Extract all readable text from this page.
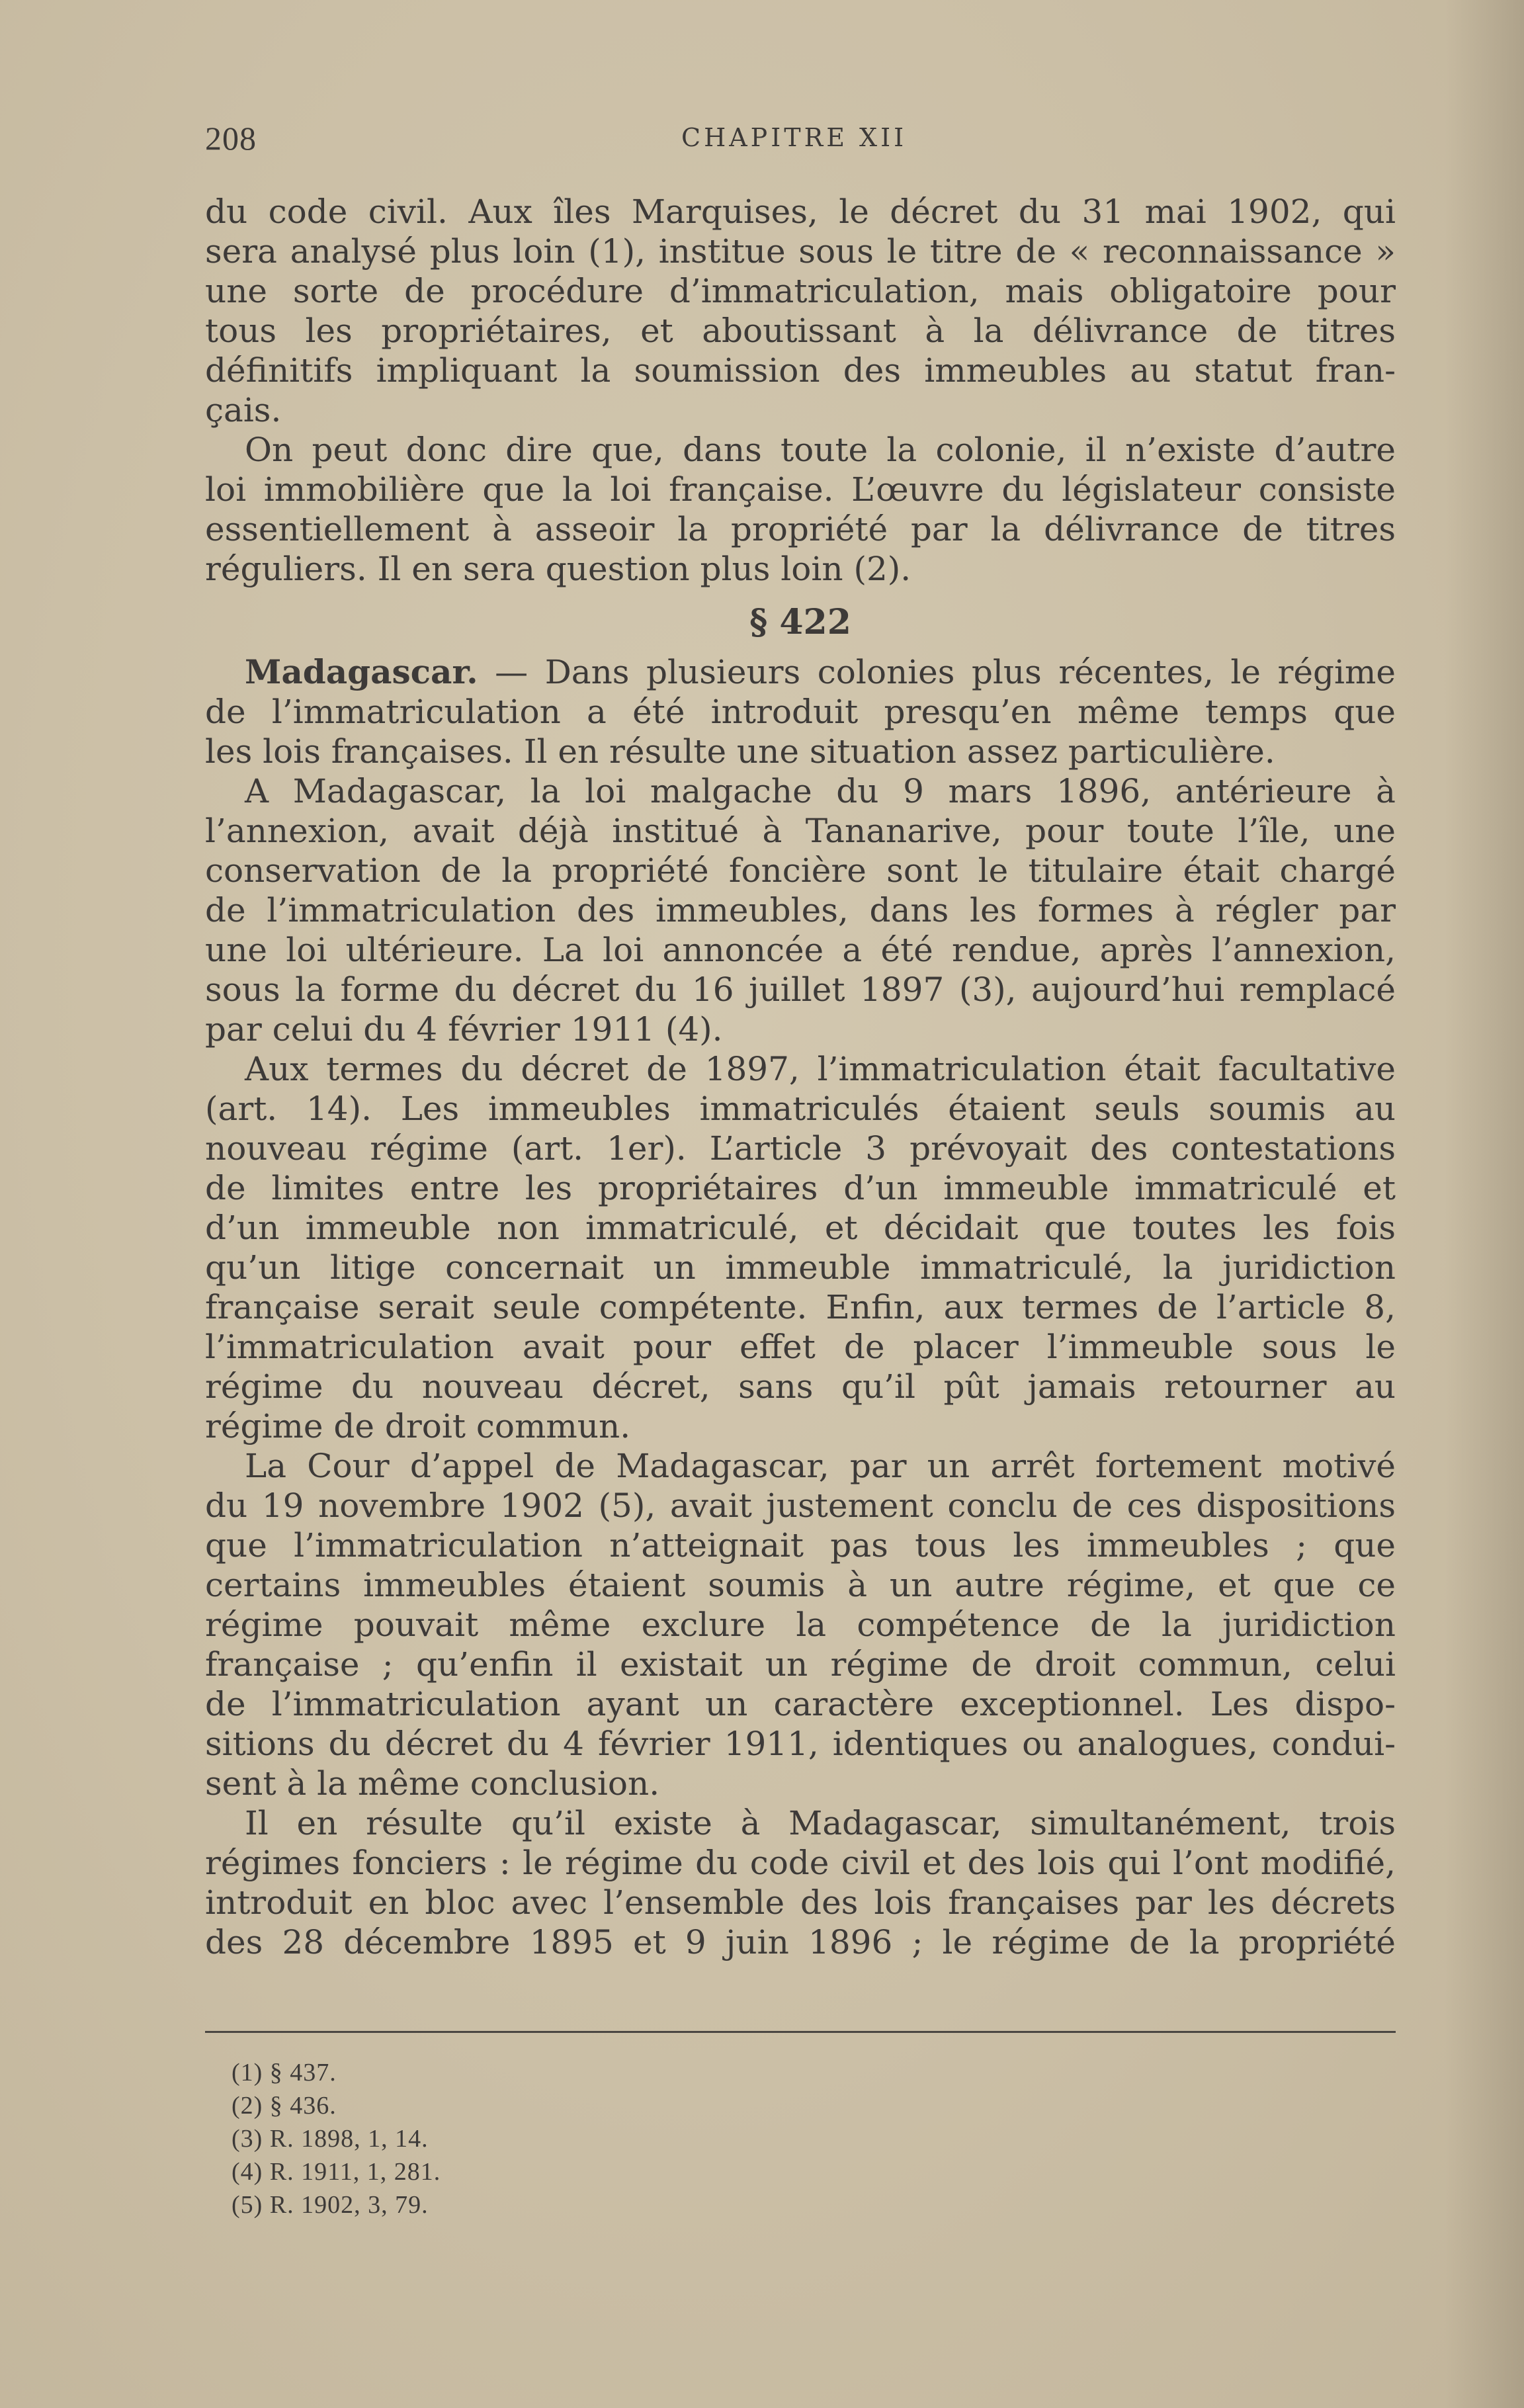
208	CHAPITRE XII
du code civil. Aux îles Marquises, le décret du 31 mai 1902, qui
sera analysé plus loin (1), institue sous le titre de « reconnaissance »
une sorte de procédure d’immatriculation, mais obligatoire pour
tous les propriétaires, et aboutissant à la délivrance de titres
définitifs impliquant la soumission des immeubles au statut fran-
çais.
On peut donc dire que, dans toute la colonie, il n’existe d’autre
loi immobilière que la loi française. L’œuvre du législateur consiste
essentiellement à asseoir la propriété par la délivrance de titres
réguliers. Il en sera question plus loin (2).
§ 422
Madagascar. — Dans plusieurs colonies plus récentes, le régime
de l’immatriculation a été introduit presqu’en même temps que
les lois françaises. Il en résulte une situation assez particulière.
A Madagascar, la loi malgache du 9 mars 1896, antérieure à
l’annexion, avait déjà institué à Tananarive, pour toute l’île, une
conservation de la propriété foncière sont le titulaire était chargé
de l’immatriculation des immeubles, dans les formes à régler par
une loi ultérieure. La loi annoncée a été rendue, après l’annexion,
sous la forme du décret du 16 juillet 1897 (3), aujourd’hui remplacé
par celui du 4 février 1911 (4).
Aux termes du décret de 1897, l’immatriculation était facultative
(art. 14). Les immeubles immatriculés étaient seuls soumis au
nouveau régime (art. 1er). L’article 3 prévoyait des contestations
de limites entre les propriétaires d’un immeuble immatriculé et
d’un immeuble non immatriculé, et décidait que toutes les fois
qu’un litige concernait un immeuble immatriculé, la juridiction
française serait seule compétente. Enfin, aux termes de l’article 8,
l’immatriculation avait pour effet de placer l’immeuble sous le
régime du nouveau décret, sans qu’il pût jamais retourner au
régime de droit commun.
La Cour d’appel de Madagascar, par un arrêt fortement motivé
du 19 novembre 1902 (5), avait justement conclu de ces dispositions
que l’immatriculation n’atteignait pas tous les immeubles ; que
certains immeubles étaient soumis à un autre régime, et que ce
régime pouvait même exclure la compétence de la juridiction
française ; qu’enfin il existait un régime de droit commun, celui
de l’immatriculation ayant un caractère exceptionnel. Les dispo-
sitions du décret du 4 février 1911, identiques ou analogues, condui-
sent à la même conclusion.
Il en résulte qu’il existe à Madagascar, simultanément, trois
régimes fonciers : le régime du code civil et des lois qui l’ont modifié,
introduit en bloc avec l’ensemble des lois françaises par les décrets
des 28 décembre 1895 et 9 juin 1896 ; le régime de la propriété
(1) § 437.
(2) § 436.
(3) R. 1898, 1, 14.
(4) R. 1911, 1, 281.
(5) R. 1902, 3, 79.
